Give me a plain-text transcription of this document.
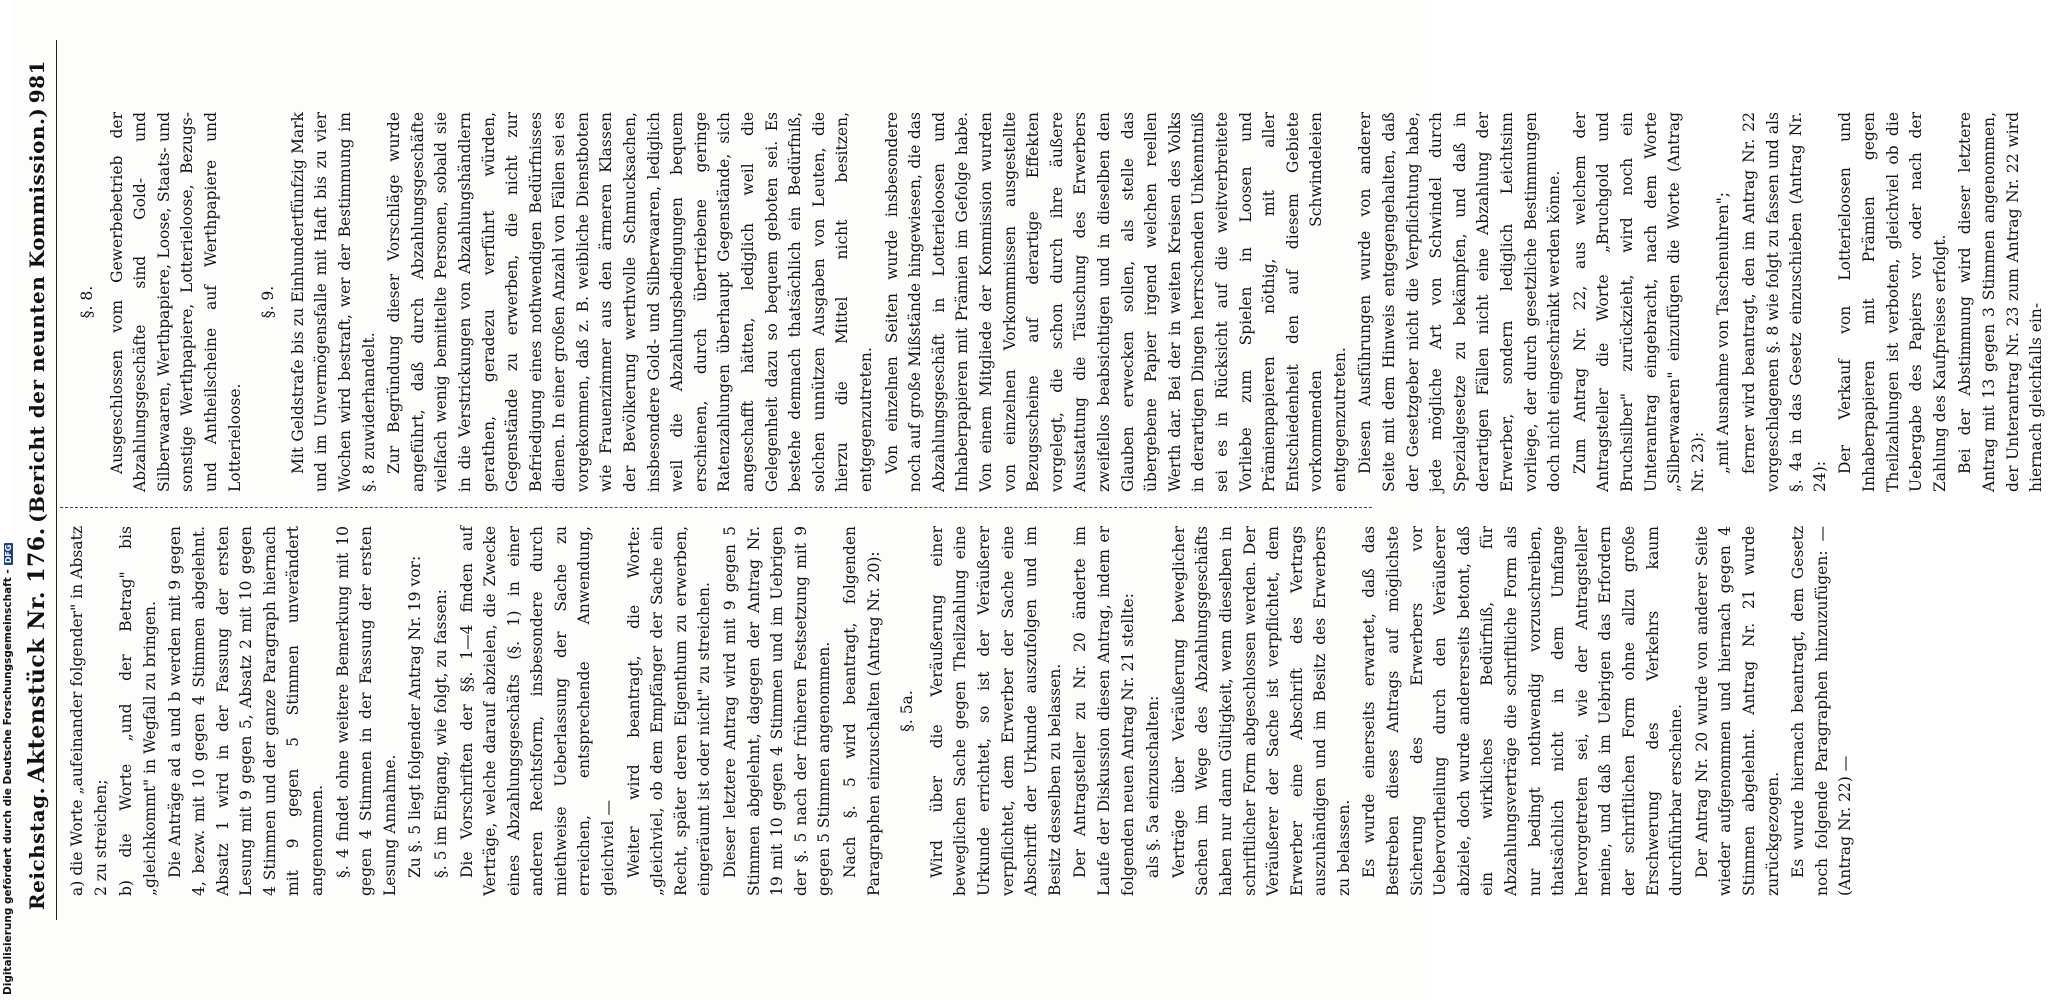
Reichstag.
Aktenstück Nr. 176.
(Bericht der neunten Kommission.)
981

a) die Worte „aufeinander folgender" in Absatz 2 zu streichen; b) die Worte „und der Betrag" bis „gleichkommt" in Wegfall zu bringen. Die Anträge ad a und b werden mit 9 gegen 4, bezw. mit 10 gegen 4 Stimmen abgelehnt. Absatz 1 wird in der Fassung der ersten Lesung mit 9 gegen 5, Absatz 2 mit 10 gegen 4 Stimmen und der ganze Paragraph hiernach mit 9 gegen 5 Stimmen unverändert angenommen. §. 4 findet ohne weitere Bemerkung mit 10 gegen 4 Stimmen in der Fassung der ersten Lesung Annahme. Zu §. 5 liegt folgender Antrag Nr. 19 vor: §. 5 im Eingang, wie folgt, zu fassen: Die Vorschriften der §§. 1—4 finden auf Verträge, welche darauf abzielen, die Zwecke eines Abzahlungsgeschäfts (§. 1) in einer anderen Rechtsform, insbesondere durch miethweise Ueberlassung der Sache zu erreichen, entsprechende Anwendung, gleichviel — Weiter wird beantragt, die Worte: „gleichviel, ob dem Empfänger der Sache ein Recht, später deren Eigenthum zu erwerben, eingeräumt ist oder nicht" zu streichen. Dieser letztere Antrag wird mit 9 gegen 5 Stimmen abgelehnt, dagegen der Antrag Nr. 19 mit 10 gegen 4 Stimmen und im Uebrigen der §. 5 nach der früheren Festsetzung mit 9 gegen 5 Stimmen angenommen. Nach §. 5 wird beantragt, folgenden Paragraphen einzuschalten (Antrag Nr. 20): §. 5a. Wird über die Veräußerung einer beweglichen Sache gegen Theilzahlung eine Urkunde errichtet, so ist der Veräußerer verpflichtet, dem Erwerber der Sache eine Abschrift der Urkunde auszufolgen und im Besitz desselben zu belassen. Der Antragsteller zu Nr. 20 änderte im Laufe der Diskussion diesen Antrag, indem er folgenden neuen Antrag Nr. 21 stellte: als §. 5a einzuschalten: Verträge über Veräußerung beweglicher Sachen im Wege des Abzahlungsgeschäfts haben nur dann Gültigkeit, wenn dieselben in schriftlicher Form abgeschlossen werden. Der Veräußerer der Sache ist verpflichtet, dem Erwerber eine Abschrift des Vertrags auszuhändigen und im Besitz des Erwerbers zu belassen. Es wurde einerseits erwartet, daß das Bestreben dieses Antrags auf möglichste Sicherung des Erwerbers vor Uebervortheilung durch den Veräußerer abziele, doch wurde andererseits betont, daß ein wirkliches Bedürfniß, für Abzahlungsverträge die schriftliche Form als nur bedingt nothwendig vorzuschreiben, thatsächlich nicht in dem Umfange hervorgetreten sei, wie der Antragsteller meine, und daß im Uebrigen das Erfordern der schriftlichen Form ohne allzu große Erschwerung des Verkehrs kaum durchführbar erscheine. Der Antrag Nr. 20 wurde von anderer Seite wieder aufgenommen und hiernach gegen 4 Stimmen abgelehnt. Antrag Nr. 21 wurde zurückgezogen. Es wurde hiernach beantragt, dem Gesetz noch folgende Paragraphen hinzuzufügen: — (Antrag Nr. 22) —

§. 8. Ausgeschlossen vom Gewerbebetrieb der Abzahlungsgeschäfte sind Gold- und Silberwaaren, Werthpapiere, Loose, Staats- und sonstige Werthpapiere, Lotterieloose, Bezugs- und Antheilscheine auf Werthpapiere und Lotterieloose.

§. 9. Mit Geldstrafe bis zu Einhundertfünfzig Mark und im Unvermögensfalle mit Haft bis zu vier Wochen wird bestraft, wer der Bestimmung im §. 8 zuwiderhandelt. Zur Begründung dieser Vorschläge wurde angeführt, daß durch Abzahlungsgeschäfte vielfach wenig bemittelte Personen, sobald sie in die Verstrickungen von Abzahlungshändlern gerathen, geradezu verführt würden, Gegenstände zu erwerben, die nicht zur Befriedigung eines nothwendigen Bedürfnisses dienen. In einer großen Anzahl von Fällen sei es vorgekommen, daß z. B. weibliche Dienstboten wie Frauenzimmer aus den ärmeren Klassen der Bevölkerung werthvolle Schmucksachen, insbesondere Gold- und Silberwaaren, lediglich weil die Abzahlungsbedingungen bequem erschienen, durch übertriebene geringe Ratenzahlungen überhaupt Gegenstände, sich angeschafft hätten, lediglich weil die Gelegenheit dazu so bequem geboten sei. Es bestehe demnach thatsächlich ein Bedürfniß, solchen unnützen Ausgaben von Leuten, die hierzu die Mittel nicht besitzen, entgegenzutreten. Von einzelnen Seiten wurde insbesondere noch auf große Mißstände hingewiesen, die das Abzahlungsgeschäft in Lotterieloosen und Inhaberpapieren mit Prämien im Gefolge habe. Von einem Mitgliede der Kommission wurden von einzelnen Vorkommnissen ausgestellte Bezugsscheine auf derartige Effekten vorgelegt, die schon durch ihre äußere Ausstattung die Täuschung des Erwerbers zweifellos beabsichtigen und in dieselben den Glauben erwecken sollen, als stelle das übergebene Papier irgend welchen reellen Werth dar. Bei der in weiten Kreisen des Volks in derartigen Dingen herrschenden Unkenntniß sei es in Rücksicht auf die weitverbreitete Vorliebe zum Spielen in Loosen und Prämienpapieren nöthig, mit aller Entschiedenheit den auf diesem Gebiete vorkommenden Schwindeleien entgegenzutreten. Diesen Ausführungen wurde von anderer Seite mit dem Hinweis entgegengehalten, daß der Gesetzgeber nicht die Verpflichtung habe, jede mögliche Art von Schwindel durch Spezialgesetze zu bekämpfen, und daß in derartigen Fällen nicht eine Abzahlung der Erwerber, sondern lediglich Leichtsinn vorliege, der durch gesetzliche Bestimmungen doch nicht eingeschränkt werden könne. Zum Antrag Nr. 22, aus welchem der Antragsteller die Worte „Bruchgold und Bruchsilber" zurückzieht, wird noch ein Unterantrag eingebracht, nach dem Worte „Silberwaaren" einzufügen die Worte (Antrag Nr. 23): „mit Ausnahme von Taschenuhren"; ferner wird beantragt, den im Antrag Nr. 22 vorgeschlagenen §. 8 wie folgt zu fassen und als §. 4a in das Gesetz einzuschieben (Antrag Nr. 24):

Der Verkauf von Lotterieloosen und Inhaberpapieren mit Prämien gegen Theilzahlungen ist verboten, gleichviel ob die Uebergabe des Papiers vor oder nach der Zahlung des Kaufpreises erfolgt. Bei der Abstimmung wird dieser letztere Antrag mit 13 gegen 3 Stimmen angenommen, der Unterantrag Nr. 23 zum Antrag Nr. 22 wird hiernach gleichfalls ein-

Digitalisierung gefördert durch die Deutsche Forschungsgemeinschaft -DFG
